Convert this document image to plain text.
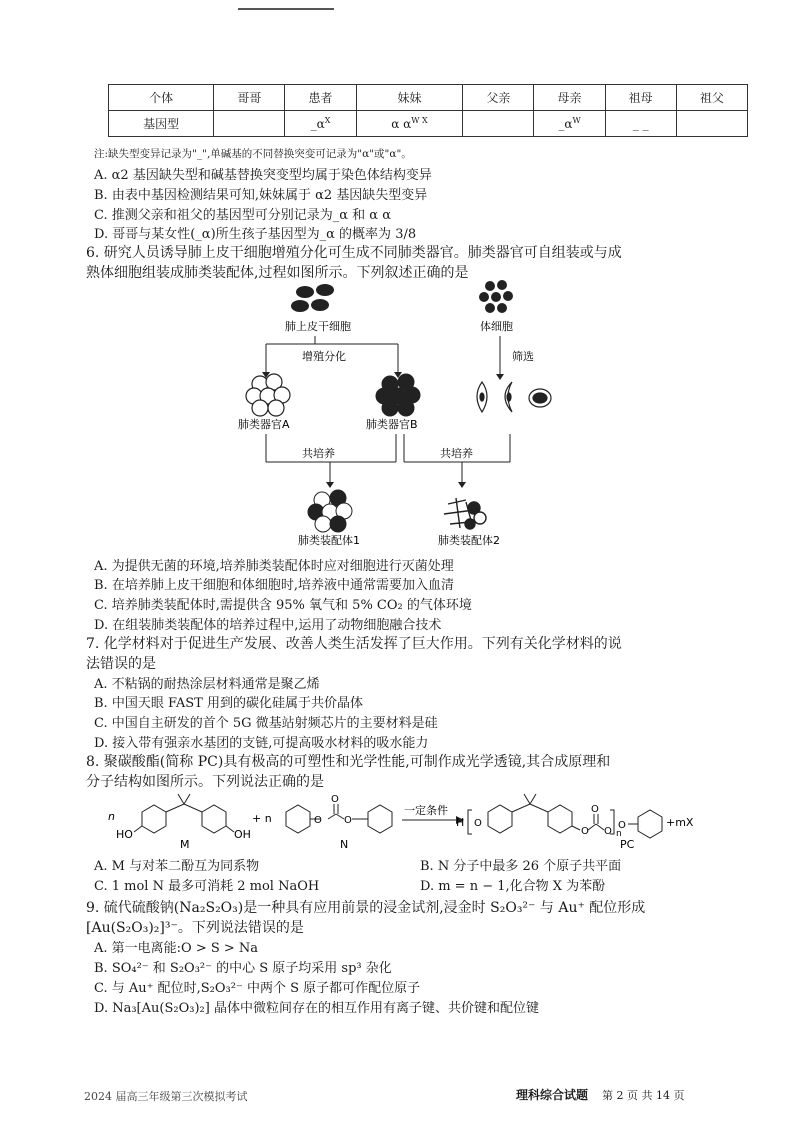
个体	哥哥	患者	妹妹	父亲	母亲	祖母	祖父
基因型		$\_\alpha^X$	α $\alpha^{W X}$		$\_\alpha^W$	_ _	
注:缺失型变异记录为"_",单碱基的不同替换突变可记录为"α"或"α"。
A. α2 基因缺失型和碱基替换突变型均属于染色体结构变异
B. 由表中基因检测结果可知,妹妹属于 α2 基因缺失型变异
C. 推测父亲和祖父的基因型可分别记录为_α 和 α α
D. 哥哥与某女性(_α)所生孩子基因型为_α 的概率为 3/8
6. 研究人员诱导肺上皮干细胞增殖分化可生成不同肺类器官。肺类器官可自组装或与成
熟体细胞组装成肺类装配体,过程如图所示。下列叙述正确的是
肺上皮干细胞	体细胞
增殖分化	筛选
肺类器官A	肺类器官B
共培养	共培养
肺类装配体1	肺类装配体2
A. 为提供无菌的环境,培养肺类装配体时应对细胞进行灭菌处理
B. 在培养肺上皮干细胞和体细胞时,培养液中通常需要加入血清
C. 培养肺类装配体时,需提供含 95% 氧气和 5% CO₂ 的气体环境
D. 在组装肺类装配体的培养过程中,运用了动物细胞融合技术
7. 化学材料对于促进生产发展、改善人类生活发挥了巨大作用。下列有关化学材料的说
法错误的是
A. 不粘锅的耐热涂层材料通常是聚乙烯
B. 中国天眼 FAST 用到的碳化硅属于共价晶体
C. 中国自主研发的首个 5G 微基站射频芯片的主要材料是硅
D. 接入带有强亲水基团的支链,可提高吸水材料的吸水能力
8. 聚碳酸酯(简称 PC)具有极高的可塑性和光学性能,可制作成光学透镜,其合成原理和
分子结构如图所示。下列说法正确的是
n
HO	OH
M
+ n
N
O O
O
一定条件
H O
O
O
O n
O	+mX
PC
A. M 与对苯二酚互为同系物	B. N 分子中最多 26 个原子共平面
C. 1 mol N 最多可消耗 2 mol NaOH	D. m = n − 1,化合物 X 为苯酚
9. 硫代硫酸钠(Na₂S₂O₃)是一种具有应用前景的浸金试剂,浸金时 S₂O₃²⁻ 与 Au⁺ 配位形成
[Au(S₂O₃)₂]³⁻。下列说法错误的是
A. 第一电离能:O > S > Na
B. SO₄²⁻ 和 S₂O₃²⁻ 的中心 S 原子均采用 sp³ 杂化
C. 与 Au⁺ 配位时,S₂O₃²⁻ 中两个 S 原子都可作配位原子
D. Na₃[Au(S₂O₃)₂] 晶体中微粒间存在的相互作用有离子键、共价键和配位键
2024 届高三年级第三次模拟考试	理科综合试题 第 2 页 共 14 页
